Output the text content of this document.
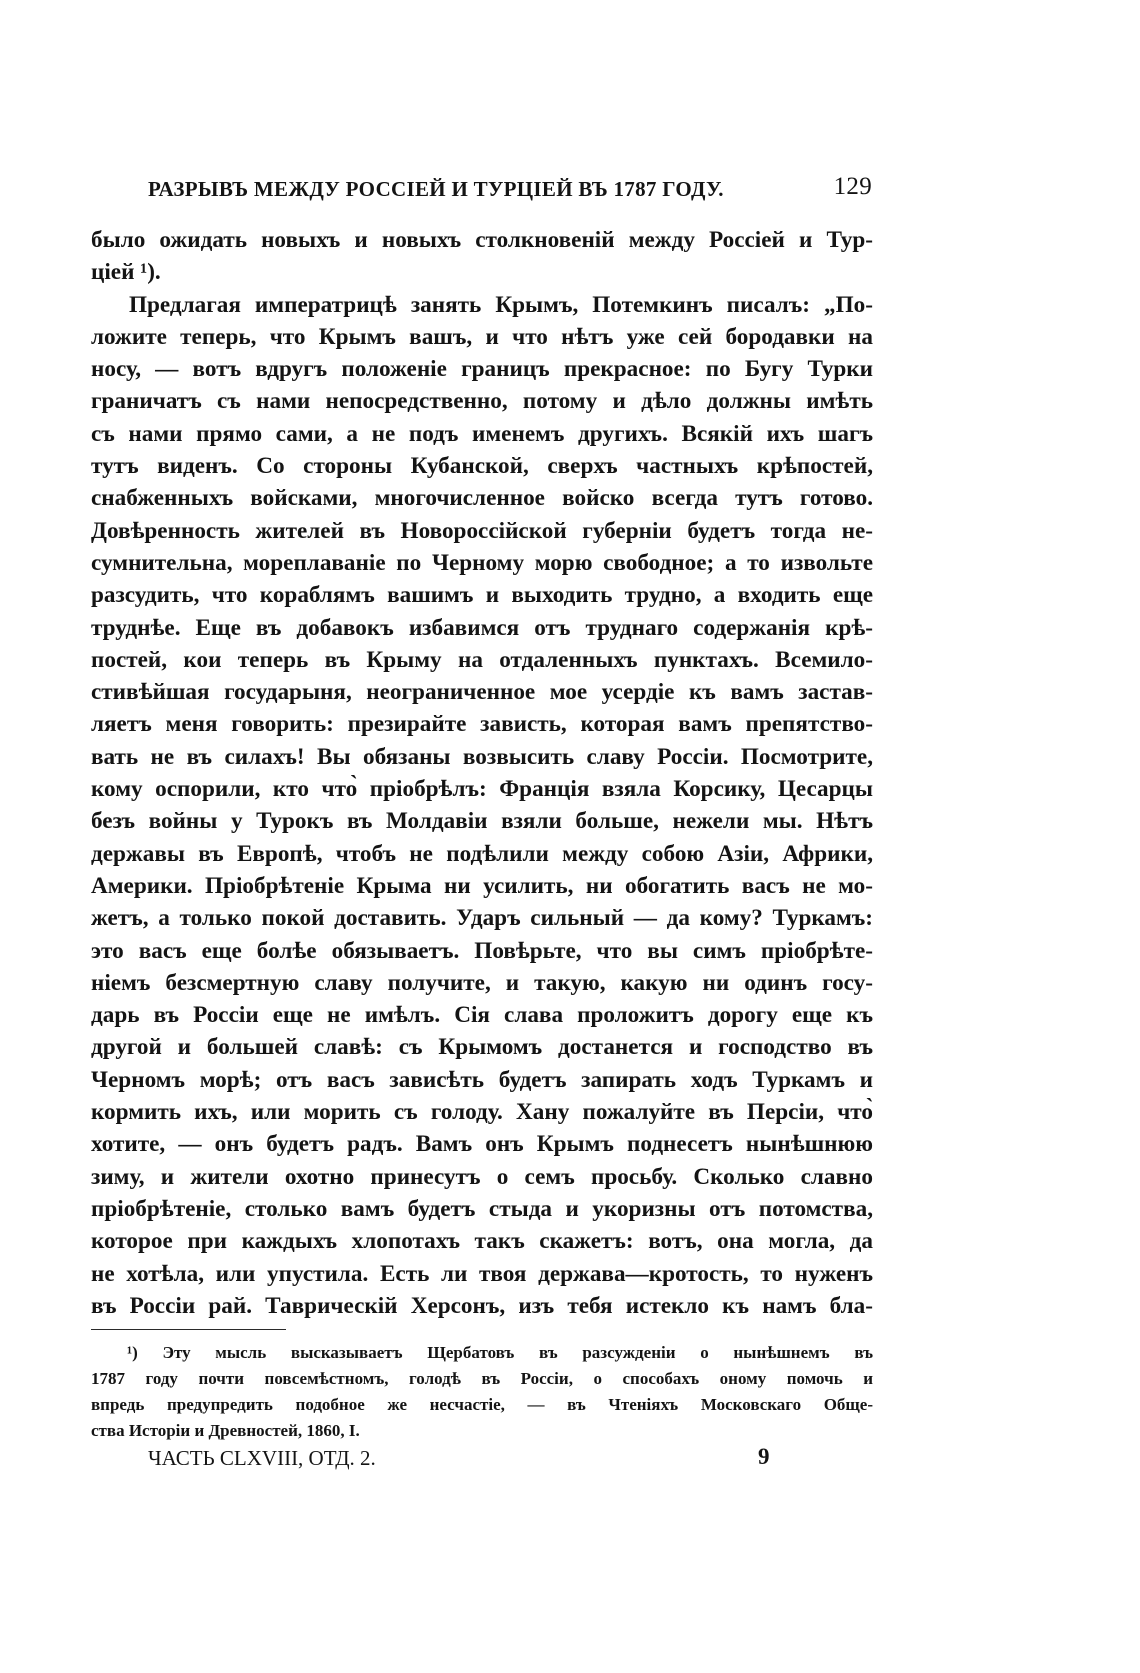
РАЗРЫВЪ МЕЖДУ РОССІЕЙ И ТУРЦІЕЙ ВЪ 1787 ГОДУ.	129
было ожидать новыхъ и новыхъ столкновеній между Россіей и Тур-
ціей ¹).
Предлагая императрицѣ занять Крымъ, Потемкинъ писалъ: „По-
ложите теперь, что Крымъ вашъ, и что нѣтъ уже сей бородавки на
носу, — вотъ вдругъ положеніе границъ прекрасное: по Бугу Турки
граничатъ съ нами непосредственно, потому и дѣло должны имѣть
съ нами прямо сами, а не подъ именемъ другихъ. Всякій ихъ шагъ
тутъ виденъ. Со стороны Кубанской, сверхъ частныхъ крѣпостей,
снабженныхъ войсками, многочисленное войско всегда тутъ готово.
Довѣренность жителей въ Новороссійской губерніи будетъ тогда не-
сумнительна, мореплаваніе по Черному морю свободное; а то извольте
разсудить, что кораблямъ вашимъ и выходить трудно, а входить еще
труднѣе. Еще въ добавокъ избавимся отъ труднаго содержанія крѣ-
постей, кои теперь въ Крыму на отдаленныхъ пунктахъ. Всемило-
стивѣйшая государыня, неограниченное мое усердіе къ вамъ застав-
ляетъ меня говорить: презирайте зависть, которая вамъ препятство-
вать не въ силахъ! Вы обязаны возвысить славу Россіи. Посмотрите,
кому оспорили, кто что̀ пріобрѣлъ: Франція взяла Корсику, Цесарцы
безъ войны у Турокъ въ Молдавіи взяли больше, нежели мы. Нѣтъ
державы въ Европѣ, чтобъ не подѣлили между собою Азіи, Африки,
Америки. Пріобрѣтеніе Крыма ни усилить, ни обогатить васъ не мо-
жетъ, а только покой доставить. Ударъ сильный — да кому? Туркамъ:
это васъ еще болѣе обязываетъ. Повѣрьте, что вы симъ пріобрѣте-
ніемъ безсмертную славу получите, и такую, какую ни одинъ госу-
дарь въ Россіи еще не имѣлъ. Сія слава проложитъ дорогу еще къ
другой и большей славѣ: съ Крымомъ достанется и господство въ
Черномъ морѣ; отъ васъ зависѣть будетъ запирать ходъ Туркамъ и
кормить ихъ, или морить съ голоду. Хану пожалуйте въ Персіи, что̀
хотите, — онъ будетъ радъ. Вамъ онъ Крымъ поднесетъ нынѣшнюю
зиму, и жители охотно принесутъ о семъ просьбу. Сколько славно
пріобрѣтеніе, столько вамъ будетъ стыда и укоризны отъ потомства,
которое при каждыхъ хлопотахъ такъ скажетъ: вотъ, она могла, да
не хотѣла, или упустила. Есть ли твоя держава—кротость, то нуженъ
въ Россіи рай. Таврическій Херсонъ, изъ тебя истекло къ намъ бла-
¹) Эту мысль высказываетъ Щербатовъ въ разсужденіи о нынѣшнемъ въ
1787 году почти повсемѣстномъ, голодѣ въ Россіи, о способахъ оному помочь и
впредь предупредить подобное же несчастіе, — въ Чтеніяхъ Московскаго Обще-
ства Исторіи и Древностей, 1860, I.
ЧАСТЬ CLXVIII, ОТД. 2.	9
